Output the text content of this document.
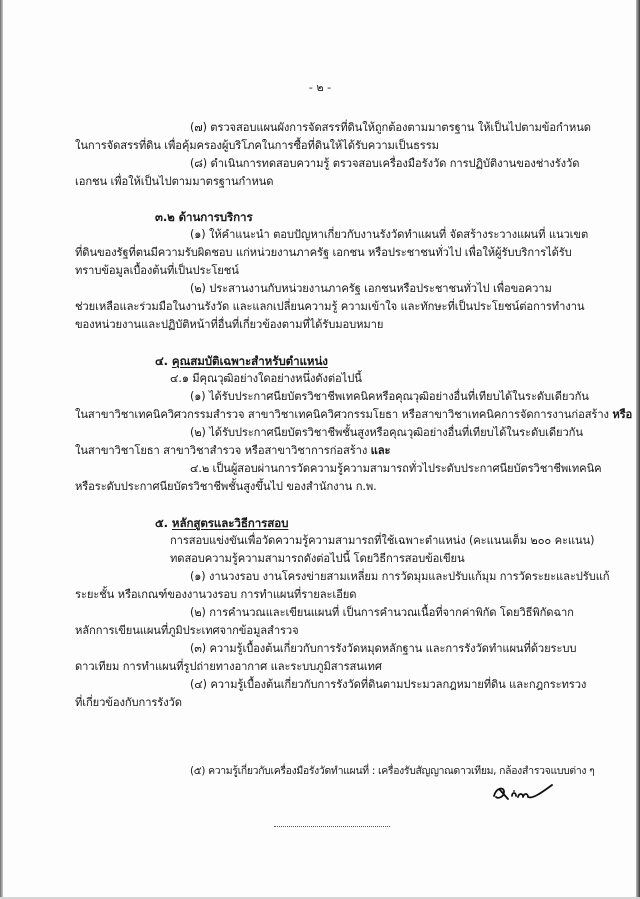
- ๒ -
(๗) ตรวจสอบแผนผังการจัดสรรที่ดินให้ถูกต้องตามมาตรฐาน ให้เป็นไปตามข้อกำหนด
ในการจัดสรรที่ดิน เพื่อคุ้มครองผู้บริโภคในการซื้อที่ดินให้ได้รับความเป็นธรรม
(๘) ดำเนินการทดสอบความรู้ ตรวจสอบเครื่องมือรังวัด การปฏิบัติงานของช่างรังวัด
เอกชน เพื่อให้เป็นไปตามมาตรฐานกำหนด
๓.๒ ด้านการบริการ
(๑) ให้คำแนะนำ ตอบปัญหาเกี่ยวกับงานรังวัดทำแผนที่ จัดสร้างระวางแผนที่ แนวเขต
ที่ดินของรัฐที่ตนมีความรับผิดชอบ แก่หน่วยงานภาครัฐ เอกชน หรือประชาชนทั่วไป เพื่อให้ผู้รับบริการได้รับ
ทราบข้อมูลเบื้องต้นที่เป็นประโยชน์
(๒) ประสานงานกับหน่วยงานภาครัฐ เอกชนหรือประชาชนทั่วไป เพื่อขอความ
ช่วยเหลือและร่วมมือในงานรังวัด และแลกเปลี่ยนความรู้ ความเข้าใจ และทักษะที่เป็นประโยชน์ต่อการทำงาน
ของหน่วยงานและปฏิบัติหน้าที่อื่นที่เกี่ยวข้องตามที่ได้รับมอบหมาย
๔. คุณสมบัติเฉพาะสำหรับตำแหน่ง
๔.๑ มีคุณวุฒิอย่างใดอย่างหนึ่งดังต่อไปนี้
(๑) ได้รับประกาศนียบัตรวิชาชีพเทคนิคหรือคุณวุฒิอย่างอื่นที่เทียบได้ในระดับเดียวกัน
ในสาขาวิชาเทคนิควิศวกรรมสำรวจ สาขาวิชาเทคนิควิศวกรรมโยธา หรือสาขาวิชาเทคนิคการจัดการงานก่อสร้าง หรือ
(๒) ได้รับประกาศนียบัตรวิชาชีพชั้นสูงหรือคุณวุฒิอย่างอื่นที่เทียบได้ในระดับเดียวกัน
ในสาขาวิชาโยธา สาขาวิชาสำรวจ หรือสาขาวิชาการก่อสร้าง และ
๔.๒ เป็นผู้สอบผ่านการวัดความรู้ความสามารถทั่วไประดับประกาศนียบัตรวิชาชีพเทคนิค
หรือระดับประกาศนียบัตรวิชาชีพชั้นสูงขึ้นไป ของสำนักงาน ก.พ.
๕. หลักสูตรและวิธีการสอบ
การสอบแข่งขันเพื่อวัดความรู้ความสามารถที่ใช้เฉพาะตำแหน่ง (คะแนนเต็ม ๒๐๐ คะแนน)
ทดสอบความรู้ความสามารถดังต่อไปนี้ โดยวิธีการสอบข้อเขียน
(๑) งานวงรอบ งานโครงข่ายสามเหลี่ยม การวัดมุมและปรับแก้มุม การวัดระยะและปรับแก้
ระยะชั้น หรือเกณฑ์ของงานวงรอบ การทำแผนที่รายละเอียด
(๒) การคำนวณและเขียนแผนที่ เป็นการคำนวณเนื้อที่จากค่าพิกัด โดยวิธีพิกัดฉาก
หลักการเขียนแผนที่ภูมิประเทศจากข้อมูลสำรวจ
(๓) ความรู้เบื้องต้นเกี่ยวกับการรังวัดหมุดหลักฐาน และการรังวัดทำแผนที่ด้วยระบบ
ดาวเทียม การทำแผนที่รูปถ่ายทางอากาศ และระบบภูมิสารสนเทศ
(๔) ความรู้เบื้องต้นเกี่ยวกับการรังวัดที่ดินตามประมวลกฎหมายที่ดิน และกฎกระทรวง
ที่เกี่ยวข้องกับการรังวัด
(๕) ความรู้เกี่ยวกับเครื่องมือรังวัดทำแผนที่ : เครื่องรับสัญญาณดาวเทียม, กล้องสำรวจแบบต่าง ๆ
